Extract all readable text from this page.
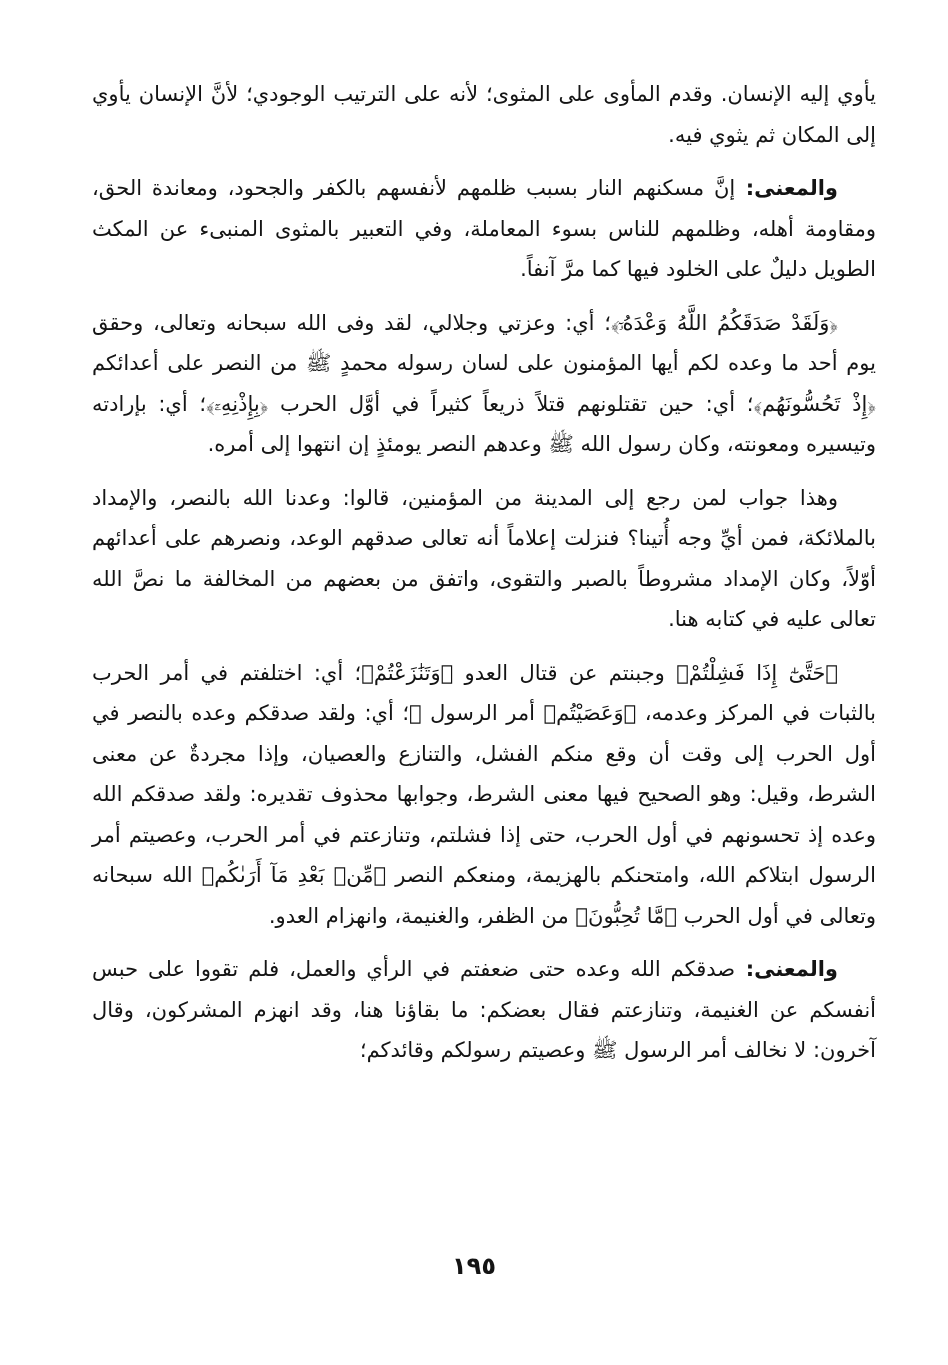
يأوي إليه الإنسان. وقدم المأوى على المثوى؛ لأنه على الترتيب الوجودي؛ لأنَّ الإنسان يأوي إلى المكان ثم يثوي فيه.

والمعنى: إنَّ مسكنهم النار بسبب ظلمهم لأنفسهم بالكفر والجحود، ومعاندة الحق، ومقاومة أهله، وظلمهم للناس بسوء المعاملة، وفي التعبير بالمثوى المنبىء عن المكث الطويل دليلٌ على الخلود فيها كما مرَّ آنفاً.

﴿وَلَقَدْ صَدَقَكُمُ اللَّهُ وَعْدَهُۥٓ﴾؛ أي: وعزتي وجلالي، لقد وفى الله سبحانه وتعالى، وحقق يوم أحد ما وعده لكم أيها المؤمنون على لسان رسوله محمدٍ ﷺ من النصر على أعدائكم ﴿إِذْ تَحُسُّونَهُم﴾؛ أي: حين تقتلونهم قتلاً ذريعاً كثيراً في أوَّل الحرب ﴿بِإِذْنِهِۦٓ﴾؛ أي: بإرادته وتيسيره ومعونته، وكان رسول الله ﷺ وعدهم النصر يومئذٍ إن انتهوا إلى أمره.

وهذا جواب لمن رجع إلى المدينة من المؤمنين، قالوا: وعدنا الله بالنصر، والإمداد بالملائكة، فمن أيِّ وجه أُتينا؟ فنزلت إعلاماً أنه تعالى صدقهم الوعد، ونصرهم على أعدائهم أوّلاً، وكان الإمداد مشروطاً بالصبر والتقوى، واتفق من بعضهم من المخالفة ما نصَّ الله تعالى عليه في كتابه هنا.

﴿حَتَّىٰٓ إِذَا فَشِلْتُمْ﴾ وجبنتم عن قتال العدو ﴿وَتَنَٰزَعْتُمْ﴾؛ أي: اختلفتم في أمر الحرب بالثبات في المركز وعدمه، ﴿وَعَصَيْتُم﴾ أمر الرسول ﷺ؛ أي: ولقد صدقكم وعده بالنصر في أول الحرب إلى وقت أن وقع منكم الفشل، والتنازع والعصيان، وإذا مجردةٌ عن معنى الشرط، وقيل: وهو الصحيح فيها معنى الشرط، وجوابها محذوف تقديره: ولقد صدقكم الله وعده إذ تحسونهم في أول الحرب، حتى إذا فشلتم، وتنازعتم في أمر الحرب، وعصيتم أمر الرسول ابتلاكم الله، وامتحنكم بالهزيمة، ومنعكم النصر ﴿مِّنۢ بَعْدِ مَآ أَرَىٰكُم﴾ الله سبحانه وتعالى في أول الحرب ﴿مَّا تُحِبُّونَ﴾ من الظفر، والغنيمة، وانهزام العدو.

والمعنى: صدقكم الله وعده حتى ضعفتم في الرأي والعمل، فلم تقووا على حبس أنفسكم عن الغنيمة، وتنازعتم فقال بعضكم: ما بقاؤنا هنا، وقد انهزم المشركون، وقال آخرون: لا نخالف أمر الرسول ﷺ وعصيتم رسولكم وقائدكم؛

١٩٥
